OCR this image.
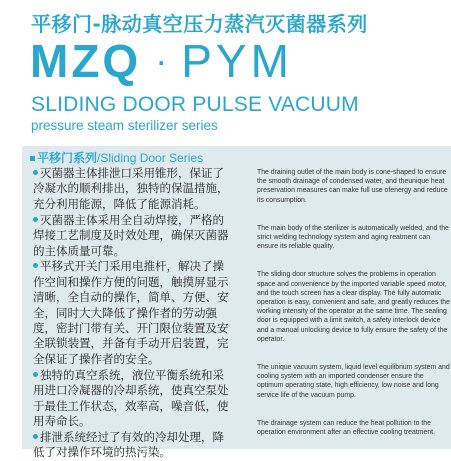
平移门-脉动真空压力蒸汽灭菌器系列
MZQ · PYM
SLIDING DOOR PULSE VACUUM
pressure steam sterilizer series
平移门系列/Sliding Door Series

灭菌器主体排泄口采用锥形，保证了冷凝水的顺利排出，独特的保温措施，充分利用能源，降低了能源消耗。

灭菌器主体采用全自动焊接，严格的焊接工艺制度及时效处理，确保灭菌器的主体质量可靠。

平移式开关门采用电推杆，解决了操作空间和操作方便的问题，触摸屏显示清晰，全自动的操作，简单、方便、安全，同时大大降低了操作者的劳动强度，密封门带有关、开门限位装置及安全联锁装置，并备有手动开启装置，完全保证了操作者的安全。

独特的真空系统，液位平衡系统和采用进口冷凝器的冷却系统，使真空泵处于最佳工作状态，效率高，噪音低，使用寿命长。

排泄系统经过了有效的冷却处理，降低了对操作环境的热污染。

The draining outlet of the main body is cone-shaped to ensure the smooth drainage of condensed water, and theunique heat preservation measures can make full use ofenergy and reduce its consumption.

The main body of the sterilizer is automatically welded, and the strict welding technology system and aging reatment can ensure its reliable quality.

The sliding door structure solves the problems in operation space and convenience by the imported variable speed motor, and the touch screen has a clear display. The fully automatic operation is easy, convenient and safe, and greatly reduces the working intensity of the operator at the same time. The sealing door is equipped with a limit switch, a safety interlock device and a manual unlocking device to fully ensure the safety of the operator.

The unique vacuum system, liquid level equilibrium system and cooling system with an imported condenser ensure the optimum operating state, high efficiency, low noise and long service life of the vacuum pump.

The drainage system can reduce the heat pollution to the operation environment after an effective cooling treatment.
